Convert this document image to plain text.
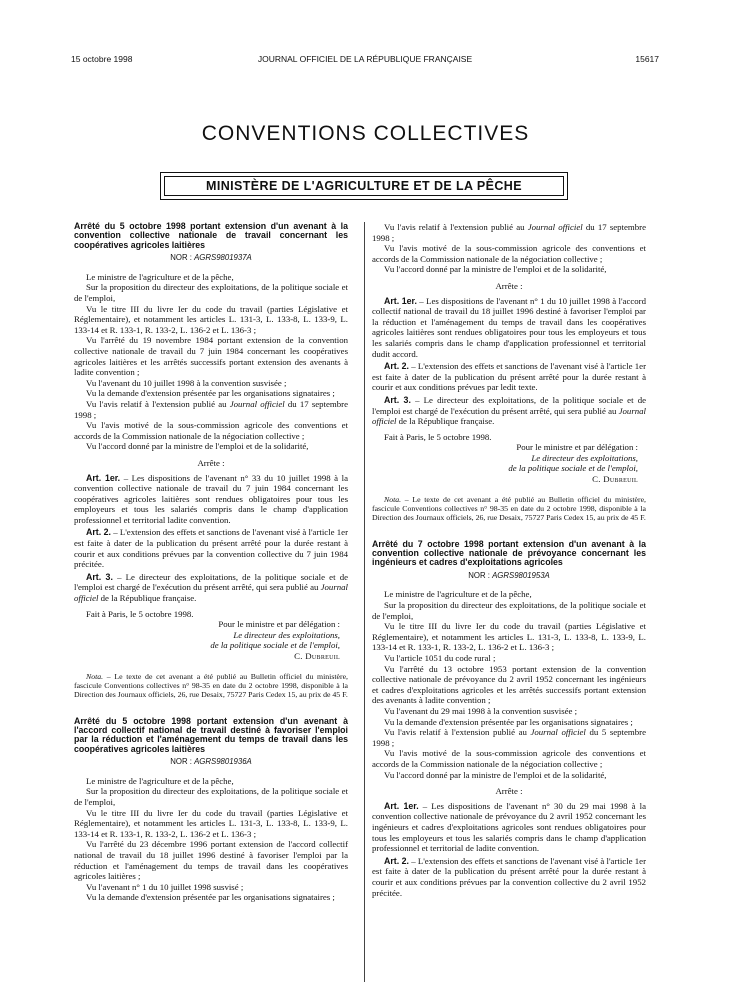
15 octobre 1998	JOURNAL OFFICIEL DE LA RÉPUBLIQUE FRANÇAISE	15617
CONVENTIONS COLLECTIVES
MINISTÈRE DE L'AGRICULTURE ET DE LA PÊCHE
Arrêté du 5 octobre 1998 portant extension d'un avenant à la convention collective nationale de travail concernant les coopératives agricoles laitières
NOR : AGRS9801937A

Le ministre de l'agriculture et de la pêche,

Sur la proposition du directeur des exploitations, de la politique sociale et de l'emploi,

Vu le titre III du livre Ier du code du travail (parties Législative et Réglementaire), et notamment les articles L. 131-3, L. 133-8, L. 133-9, L. 133-14 et R. 133-1, R. 133-2, L. 136-2 et L. 136-3 ;

Vu l'arrêté du 19 novembre 1984 portant extension de la convention collective nationale de travail du 7 juin 1984 concernant les coopératives agricoles laitières et les arrêtés successifs portant extension des avenants à ladite convention ;

Vu l'avenant du 10 juillet 1998 à la convention susvisée ;

Vu la demande d'extension présentée par les organisations signataires ;

Vu l'avis relatif à l'extension publié au Journal officiel du 17 septembre 1998 ;

Vu l'avis motivé de la sous-commission agricole des conventions et accords de la Commission nationale de la négociation collective ;

Vu l'accord donné par la ministre de l'emploi et de la solidarité,

Arrête :

Art. 1er. – Les dispositions de l'avenant n° 33 du 10 juillet 1998 à la convention collective nationale de travail du 7 juin 1984 concernant les coopératives agricoles laitières sont rendues obligatoires pour tous les employeurs et tous les salariés compris dans le champ d'application professionnel et territorial ladite convention.

Art. 2. – L'extension des effets et sanctions de l'avenant visé à l'article 1er est faite à dater de la publication du présent arrêté pour la durée restant à courir et aux conditions prévues par la convention collective du 7 juin 1984 précitée.

Art. 3. – Le directeur des exploitations, de la politique sociale et de l'emploi est chargé de l'exécution du présent arrêté, qui sera publié au Journal officiel de la République française.

Fait à Paris, le 5 octobre 1998.

Pour le ministre et par délégation :

Le directeur des exploitations,

de la politique sociale et de l'emploi,

C. Dubreuil

Nota. – Le texte de cet avenant a été publié au Bulletin officiel du ministère, fascicule Conventions collectives n° 98-35 en date du 2 octobre 1998, disponible à la Direction des Journaux officiels, 26, rue Desaix, 75727 Paris Cedex 15, au prix de 45 F.

Arrêté du 5 octobre 1998 portant extension d'un avenant à l'accord collectif national de travail destiné à favoriser l'emploi par la réduction et l'aménagement du temps de travail dans les coopératives agricoles laitières
NOR : AGRS9801936A

Le ministre de l'agriculture et de la pêche,

Sur la proposition du directeur des exploitations, de la politique sociale et de l'emploi,

Vu le titre III du livre Ier du code du travail (parties Législative et Réglementaire), et notamment les articles L. 131-3, L. 133-8, L. 133-9, L. 133-14 et R. 133-1, R. 133-2, L. 136-2 et L. 136-3 ;

Vu l'arrêté du 23 décembre 1996 portant extension de l'accord collectif national de travail du 18 juillet 1996 destiné à favoriser l'emploi par la réduction et l'aménagement du temps de travail dans les coopératives agricoles laitières ;

Vu l'avenant n° 1 du 10 juillet 1998 susvisé ;

Vu la demande d'extension présentée par les organisations signataires ;

Vu l'avis relatif à l'extension publié au Journal officiel du 17 septembre 1998 ;

Vu l'avis motivé de la sous-commission agricole des conventions et accords de la Commission nationale de la négociation collective ;

Vu l'accord donné par la ministre de l'emploi et de la solidarité,

Arrête :

Art. 1er. – Les dispositions de l'avenant n° 1 du 10 juillet 1998 à l'accord collectif national de travail du 18 juillet 1996 destiné à favoriser l'emploi par la réduction et l'aménagement du temps de travail dans les coopératives agricoles laitières sont rendues obligatoires pour tous les employeurs et tous les salariés compris dans le champ d'application professionnel et territorial dudit accord.

Art. 2. – L'extension des effets et sanctions de l'avenant visé à l'article 1er est faite à dater de la publication du présent arrêté pour la durée restant à courir et aux conditions prévues par ledit texte.

Art. 3. – Le directeur des exploitations, de la politique sociale et de l'emploi est chargé de l'exécution du présent arrêté, qui sera publié au Journal officiel de la République française.

Fait à Paris, le 5 octobre 1998.

Pour le ministre et par délégation :

Le directeur des exploitations,

de la politique sociale et de l'emploi,

C. Dubreuil

Nota. – Le texte de cet avenant a été publié au Bulletin officiel du ministère, fascicule Conventions collectives n° 98-35 en date du 2 octobre 1998, disponible à la Direction des Journaux officiels, 26, rue Desaix, 75727 Paris Cedex 15, au prix de 45 F.

Arrêté du 7 octobre 1998 portant extension d'un avenant à la convention collective nationale de prévoyance concernant les ingénieurs et cadres d'exploitations agricoles
NOR : AGRS9801953A

Le ministre de l'agriculture et de la pêche,

Sur la proposition du directeur des exploitations, de la politique sociale et de l'emploi,

Vu le titre III du livre Ier du code du travail (parties Législative et Réglementaire), et notamment les articles L. 131-3, L. 133-8, L. 133-9, L. 133-14 et R. 133-1, R. 133-2, L. 136-2 et L. 136-3 ;

Vu l'article 1051 du code rural ;

Vu l'arrêté du 13 octobre 1953 portant extension de la convention collective nationale de prévoyance du 2 avril 1952 concernant les ingénieurs et cadres d'exploitations agricoles et les arrêtés successifs portant extension des avenants à ladite convention ;

Vu l'avenant du 29 mai 1998 à la convention susvisée ;

Vu la demande d'extension présentée par les organisations signataires ;

Vu l'avis relatif à l'extension publié au Journal officiel du 5 septembre 1998 ;

Vu l'avis motivé de la sous-commission agricole des conventions et accords de la Commission nationale de la négociation collective ;

Vu l'accord donné par la ministre de l'emploi et de la solidarité,

Arrête :

Art. 1er. – Les dispositions de l'avenant n° 30 du 29 mai 1998 à la convention collective nationale de prévoyance du 2 avril 1952 concernant les ingénieurs et cadres d'exploitations agricoles sont rendues obligatoires pour tous les employeurs et tous les salariés compris dans le champ d'application professionnel et territorial de ladite convention.

Art. 2. – L'extension des effets et sanctions de l'avenant visé à l'article 1er est faite à dater de la publication du présent arrêté pour la durée restant à courir et aux conditions prévues par la convention collective du 2 avril 1952 précitée.
